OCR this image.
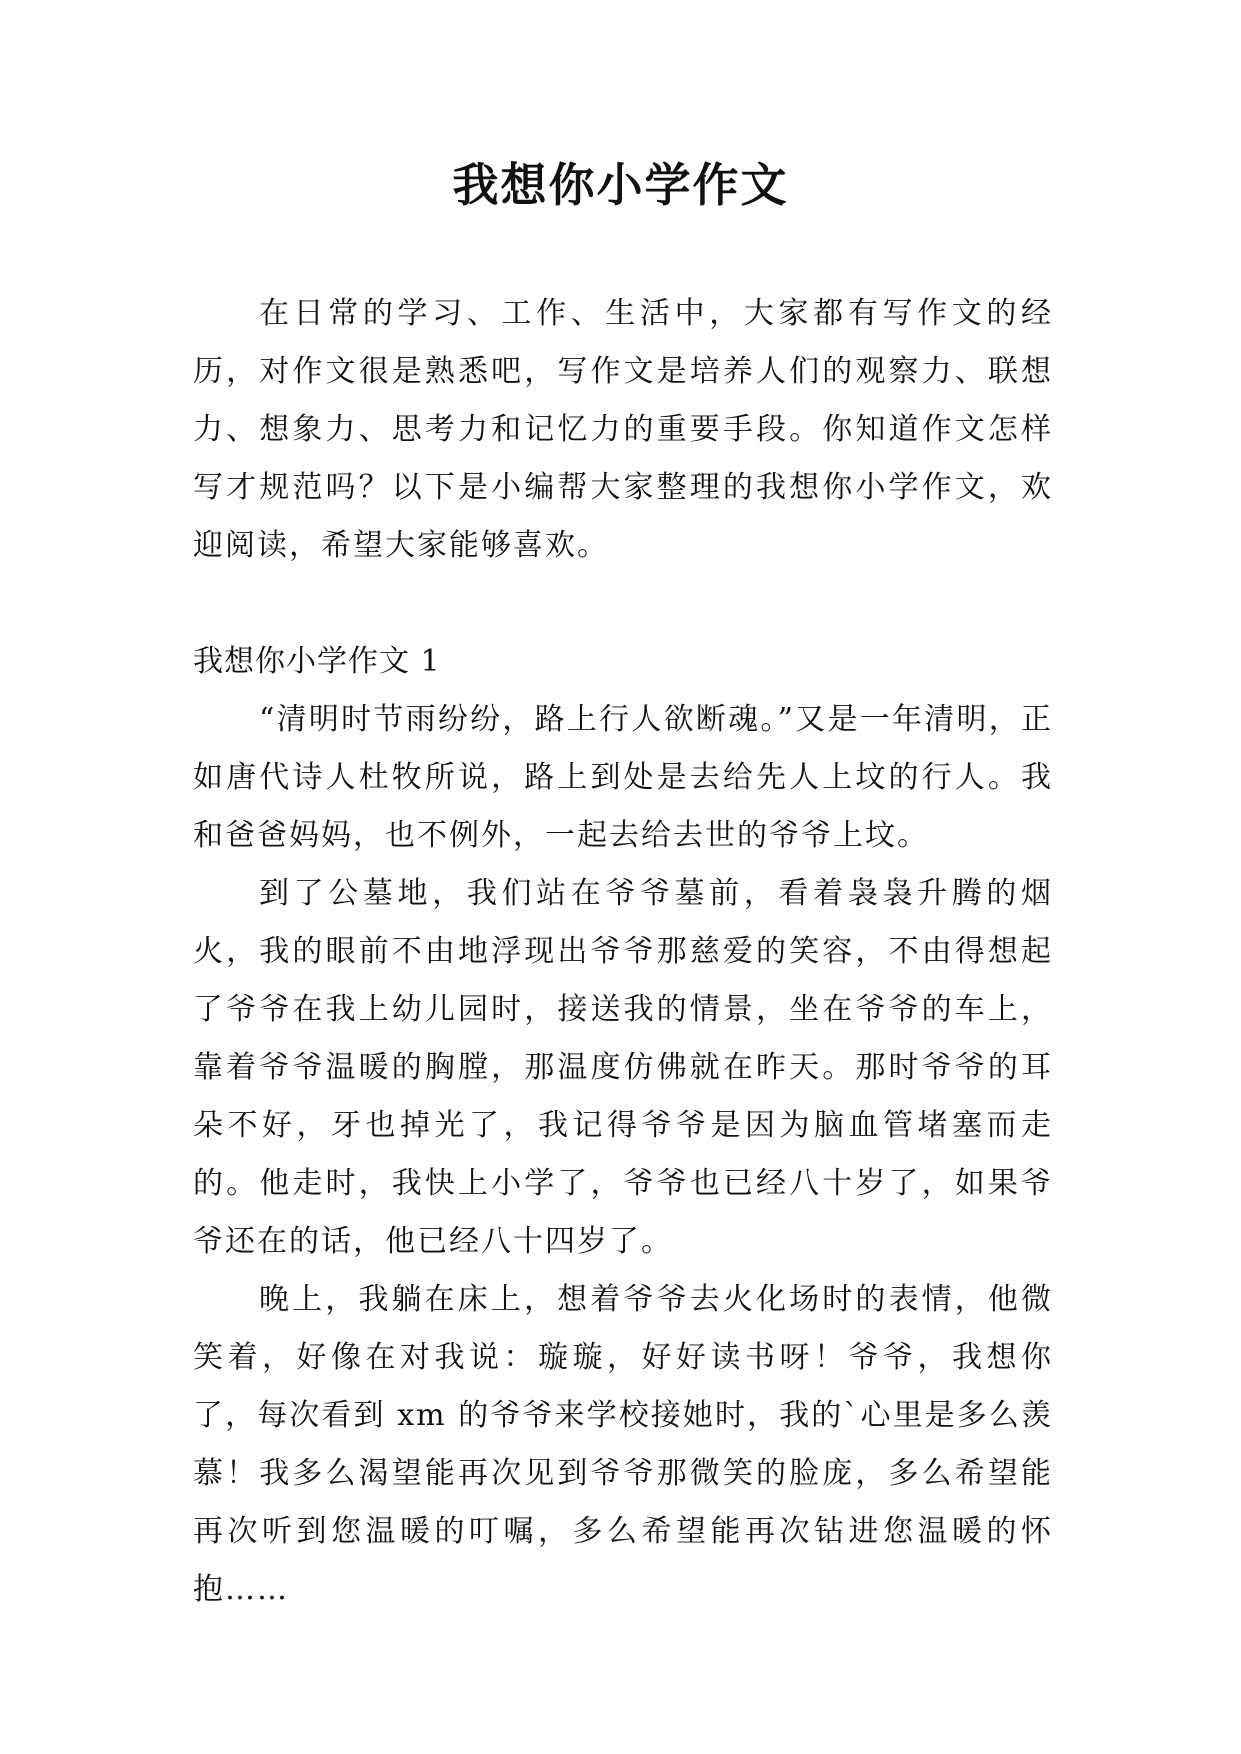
我想你小学作文

在日常的学习、工作、生活中，大家都有写作文的经历，对作文很是熟悉吧，写作文是培养人们的观察力、联想力、想象力、思考力和记忆力的重要手段。你知道作文怎样写才规范吗？以下是小编帮大家整理的我想你小学作文，欢迎阅读，希望大家能够喜欢。

我想你小学作文 1

“清明时节雨纷纷，路上行人欲断魂。”又是一年清明，正如唐代诗人杜牧所说，路上到处是去给先人上坟的行人。我和爸爸妈妈，也不例外，一起去给去世的爷爷上坟。

到了公墓地，我们站在爷爷墓前，看着袅袅升腾的烟火，我的眼前不由地浮现出爷爷那慈爱的笑容，不由得想起了爷爷在我上幼儿园时，接送我的情景，坐在爷爷的车上，靠着爷爷温暖的胸膛，那温度仿佛就在昨天。那时爷爷的耳朵不好，牙也掉光了，我记得爷爷是因为脑血管堵塞而走的。他走时，我快上小学了，爷爷也已经八十岁了，如果爷爷还在的话，他已经八十四岁了。

晚上，我躺在床上，想着爷爷去火化场时的表情，他微笑着，好像在对我说：璇璇，好好读书呀！爷爷，我想你了，每次看到 xm 的爷爷来学校接她时，我的`心里是多么羡慕！我多么渴望能再次见到爷爷那微笑的脸庞，多么希望能再次听到您温暖的叮嘱，多么希望能再次钻进您温暖的怀抱……
